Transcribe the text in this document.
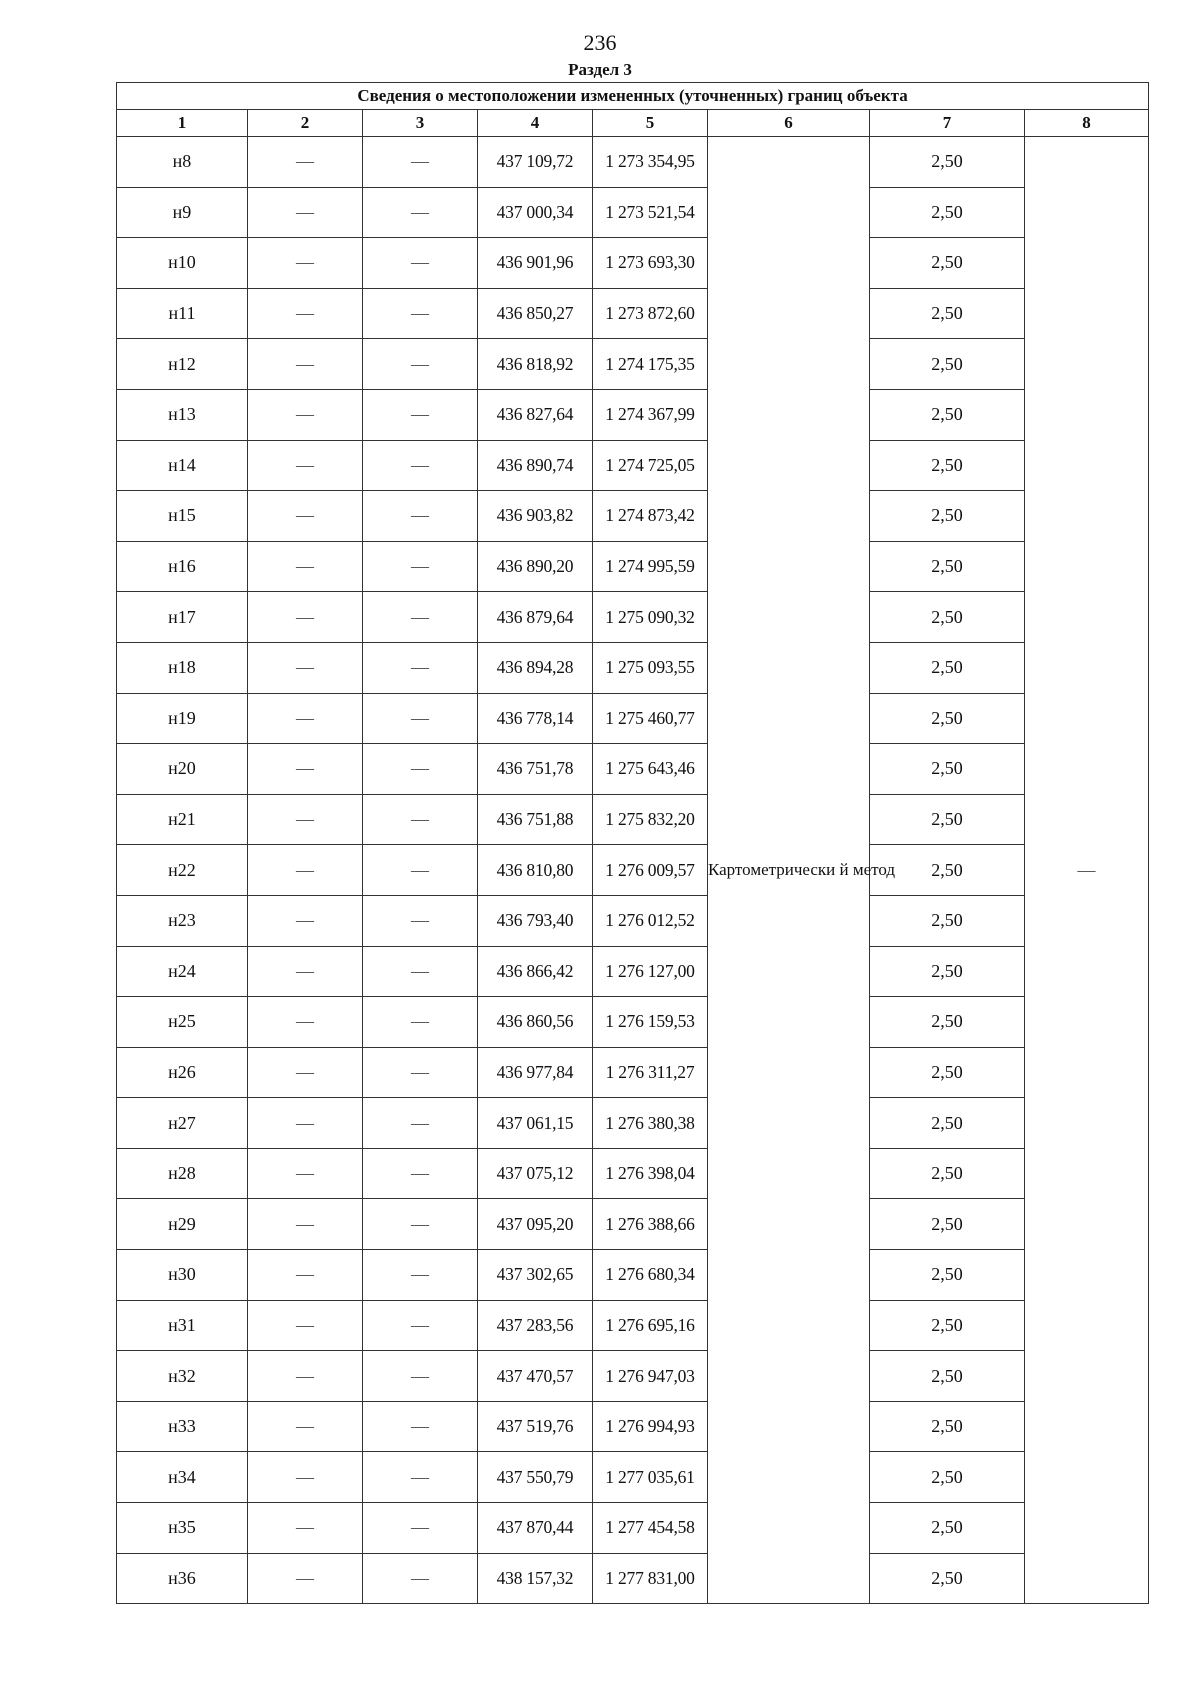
236
Раздел 3
Сведения о местоположении измененных (уточненных) границ объекта							
1	2	3	4	5	6	7	8
н8	—	—	437 109,72	1 273 354,95	Картометрически й метод	2,50	—
н9	—	—	437 000,34	1 273 521,54		2,50	
н10	—	—	436 901,96	1 273 693,30		2,50	
н11	—	—	436 850,27	1 273 872,60		2,50	
н12	—	—	436 818,92	1 274 175,35		2,50	
н13	—	—	436 827,64	1 274 367,99		2,50	
н14	—	—	436 890,74	1 274 725,05		2,50	
н15	—	—	436 903,82	1 274 873,42		2,50	
н16	—	—	436 890,20	1 274 995,59		2,50	
н17	—	—	436 879,64	1 275 090,32		2,50	
н18	—	—	436 894,28	1 275 093,55		2,50	
н19	—	—	436 778,14	1 275 460,77		2,50	
н20	—	—	436 751,78	1 275 643,46		2,50	
н21	—	—	436 751,88	1 275 832,20		2,50	
н22	—	—	436 810,80	1 276 009,57		2,50	
н23	—	—	436 793,40	1 276 012,52		2,50	
н24	—	—	436 866,42	1 276 127,00		2,50	
н25	—	—	436 860,56	1 276 159,53		2,50	
н26	—	—	436 977,84	1 276 311,27		2,50	
н27	—	—	437 061,15	1 276 380,38		2,50	
н28	—	—	437 075,12	1 276 398,04		2,50	
н29	—	—	437 095,20	1 276 388,66		2,50	
н30	—	—	437 302,65	1 276 680,34		2,50	
н31	—	—	437 283,56	1 276 695,16		2,50	
н32	—	—	437 470,57	1 276 947,03		2,50	
н33	—	—	437 519,76	1 276 994,93		2,50	
н34	—	—	437 550,79	1 277 035,61		2,50	
н35	—	—	437 870,44	1 277 454,58		2,50	
н36	—	—	438 157,32	1 277 831,00		2,50	
